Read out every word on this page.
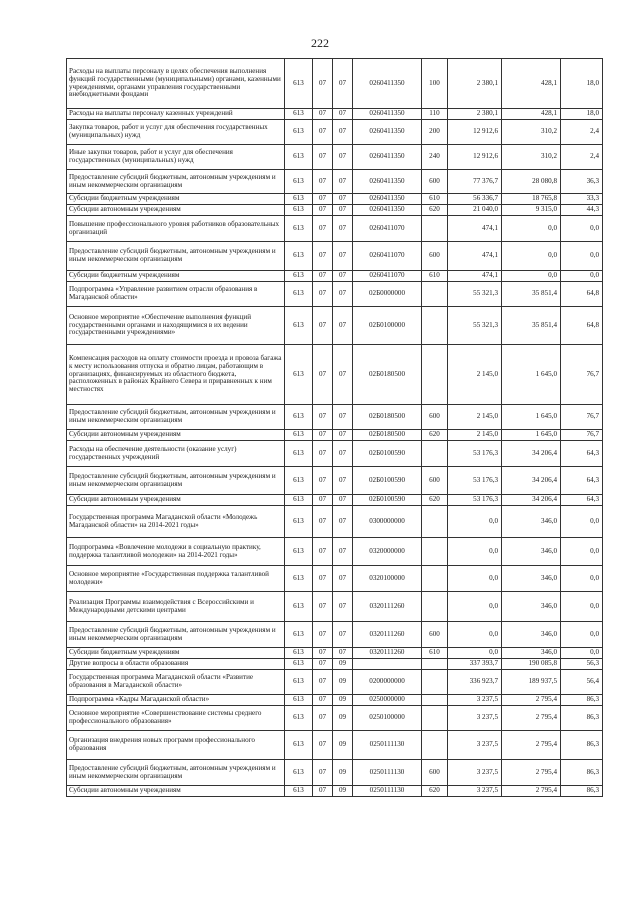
222
Расходы на выплаты персоналу в целях обеспечения выполнения функций государственными (муниципальными) органами, казенными учреждениями, органами управления государственными внебюджетными фондами	613	07	07	0260411350	100	2 380,1	428,1	18,0
Расходы на выплаты персоналу казенных учреждений	613	07	07	0260411350	110	2 380,1	428,1	18,0
Закупка товаров, работ и услуг для обеспечения государственных (муниципальных) нужд	613	07	07	0260411350	200	12 912,6	310,2	2,4
Иные закупки товаров, работ и услуг для обеспечения государственных (муниципальных) нужд	613	07	07	0260411350	240	12 912,6	310,2	2,4
Предоставление субсидий бюджетным, автономным учреждениям и иным некоммерческим организациям	613	07	07	0260411350	600	77 376,7	28 080,8	36,3
Субсидии бюджетным учреждениям	613	07	07	0260411350	610	56 336,7	18 765,8	33,3
Субсидии автономным учреждениям	613	07	07	0260411350	620	21 040,0	9 315,0	44,3
Повышение профессионального уровня работников образовательных организаций	613	07	07	0260411070		474,1	0,0	0,0
Предоставление субсидий бюджетным, автономным учреждениям и иным некоммерческим организациям	613	07	07	0260411070	600	474,1	0,0	0,0
Субсидии бюджетным учреждениям	613	07	07	0260411070	610	474,1	0,0	0,0
Подпрограмма «Управление развитием отрасли образования в Магаданской области»	613	07	07	02Б0000000		55 321,3	35 851,4	64,8
Основное мероприятие «Обеспечение выполнения функций государственными органами и находящимися в их ведении государственными учреждениями»	613	07	07	02Б0100000		55 321,3	35 851,4	64,8
Компенсация расходов на оплату стоимости проезда и провоза багажа к месту использования отпуска и обратно лицам, работающим в организациях, финансируемых из областного бюджета, расположенных в районах Крайнего Севера и приравненных к ним местностях	613	07	07	02Б0180500		2 145,0	1 645,0	76,7
Предоставление субсидий бюджетным, автономным учреждениям и иным некоммерческим организациям	613	07	07	02Б0180500	600	2 145,0	1 645,0	76,7
Субсидии автономным учреждениям	613	07	07	02Б0180500	620	2 145,0	1 645,0	76,7
Расходы на обеспечение деятельности (оказание услуг) государственных учреждений	613	07	07	02Б0100590		53 176,3	34 206,4	64,3
Предоставление субсидий бюджетным, автономным учреждениям и иным некоммерческим организациям	613	07	07	02Б0100590	600	53 176,3	34 206,4	64,3
Субсидии автономным учреждениям	613	07	07	02Б0100590	620	53 176,3	34 206,4	64,3
Государственная программа Магаданской области «Молодежь Магаданской области» на 2014-2021 годы»	613	07	07	0300000000		0,0	346,0	0,0
Подпрограмма «Вовлечение молодежи в социальную практику, поддержка талантливой молодежи» на 2014-2021 годы»	613	07	07	0320000000		0,0	346,0	0,0
Основное мероприятие «Государственная поддержка талантливой молодежи»	613	07	07	0320100000		0,0	346,0	0,0
Реализация Программы взаимодействия с Всероссийскими и Международными детскими центрами	613	07	07	0320111260		0,0	346,0	0,0
Предоставление субсидий бюджетным, автономным учреждениям и иным некоммерческим организациям	613	07	07	0320111260	600	0,0	346,0	0,0
Субсидии бюджетным учреждениям	613	07	07	0320111260	610	0,0	346,0	0,0
Другие вопросы в области образования	613	07	09			337 393,7	190 085,8	56,3
Государственная программа Магаданской области «Развитие образования в Магаданской области»	613	07	09	0200000000		336 923,7	189 937,5	56,4
Подпрограмма «Кадры Магаданской области»	613	07	09	0250000000		3 237,5	2 795,4	86,3
Основное мероприятие «Совершенствование системы среднего профессионального образования»	613	07	09	0250100000		3 237,5	2 795,4	86,3
Организация внедрения новых программ профессионального образования	613	07	09	0250111130		3 237,5	2 795,4	86,3
Предоставление субсидий бюджетным, автономным учреждениям и иным некоммерческим организациям	613	07	09	0250111130	600	3 237,5	2 795,4	86,3
Субсидии автономным учреждениям	613	07	09	0250111130	620	3 237,5	2 795,4	86,3
